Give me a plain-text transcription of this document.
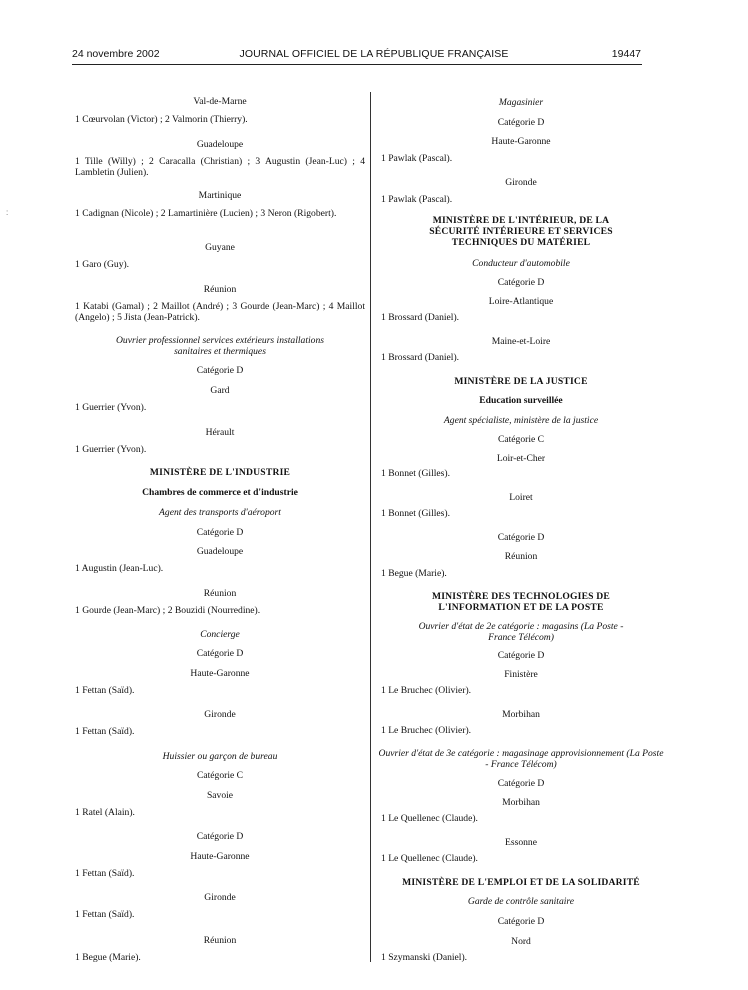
24 novembre 2002	JOURNAL OFFICIEL DE LA RÉPUBLIQUE FRANÇAISE	19447
:
Val-de-Marne
1 Cœurvolan (Victor) ; 2 Valmorin (Thierry).
Guadeloupe
1 Tille (Willy) ; 2 Caracalla (Christian) ; 3 Augustin (Jean-Luc) ; 4 Lambletin (Julien).
Martinique
1 Cadignan (Nicole) ; 2 Lamartinière (Lucien) ; 3 Neron (Rigobert).
Guyane
1 Garo (Guy).
Réunion
1 Katabi (Gamal) ; 2 Maillot (André) ; 3 Gourde (Jean-Marc) ; 4 Maillot (Angelo) ; 5 Jista (Jean-Patrick).
Ouvrier professionnel services extérieurs installations sanitaires et thermiques
Catégorie D
Gard
1 Guerrier (Yvon).
Hérault
1 Guerrier (Yvon).
MINISTÈRE DE L'INDUSTRIE
Chambres de commerce et d'industrie
Agent des transports d'aéroport
Catégorie D
Guadeloupe
1 Augustin (Jean-Luc).
Réunion
1 Gourde (Jean-Marc) ; 2 Bouzidi (Nourredine).
Concierge
Catégorie D
Haute-Garonne
1 Fettan (Saïd).
Gironde
1 Fettan (Saïd).
Huissier ou garçon de bureau
Catégorie C
Savoie
1 Ratel (Alain).
Catégorie D
Haute-Garonne
1 Fettan (Saïd).
Gironde
1 Fettan (Saïd).
Réunion
1 Begue (Marie).
Magasinier
Catégorie D
Haute-Garonne
1 Pawlak (Pascal).
Gironde
1 Pawlak (Pascal).
MINISTÈRE DE L'INTÉRIEUR, DE LA SÉCURITÉ INTÉRIEURE ET SERVICES TECHNIQUES DU MATÉRIEL
Conducteur d'automobile
Catégorie D
Loire-Atlantique
1 Brossard (Daniel).
Maine-et-Loire
1 Brossard (Daniel).
MINISTÈRE DE LA JUSTICE
Education surveillée
Agent spécialiste, ministère de la justice
Catégorie C
Loir-et-Cher
1 Bonnet (Gilles).
Loiret
1 Bonnet (Gilles).
Catégorie D
Réunion
1 Begue (Marie).
MINISTÈRE DES TECHNOLOGIES DE L'INFORMATION ET DE LA POSTE
Ouvrier d'état de 2e catégorie : magasins (La Poste - France Télécom)
Catégorie D
Finistère
1 Le Bruchec (Olivier).
Morbihan
1 Le Bruchec (Olivier).
Ouvrier d'état de 3e catégorie : magasinage approvisionnement (La Poste - France Télécom)
Catégorie D
Morbihan
1 Le Quellenec (Claude).
Essonne
1 Le Quellenec (Claude).
MINISTÈRE DE L'EMPLOI ET DE LA SOLIDARITÉ
Garde de contrôle sanitaire
Catégorie D
Nord
1 Szymanski (Daniel).
